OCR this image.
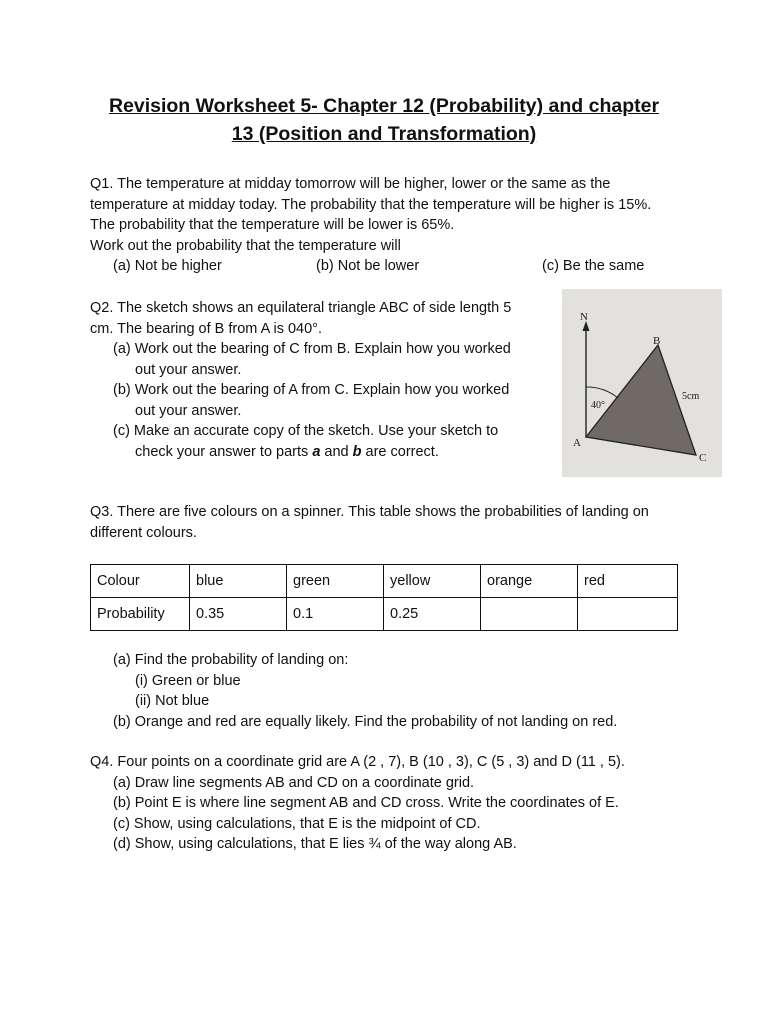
Revision Worksheet 5- Chapter 12 (Probability) and chapter
13 (Position and Transformation)

Q1. The temperature at midday tomorrow will be higher, lower or the same as the

temperature at midday today. The probability that the temperature will be higher is 15%.

The probability that the temperature will be lower is 65%.

Work out the probability that the temperature will

(a) Not be higher	(b) Not be lower	(c) Be the same

Q2. The sketch shows an equilateral triangle ABC of side length 5

cm. The bearing of B from A is 040°.

(a) Work out the bearing of C from B. Explain how you worked

out your answer.

(b) Work out the bearing of A from C. Explain how you worked

out your answer.

(c) Make an accurate copy of the sketch. Use your sketch to

check your answer to parts a and b are correct.

N
A
B
C
40°
5cm

Q3. There are five colours on a spinner. This table shows the probabilities of landing on

different colours.

Colour	blue	green	yellow	orange	red
Probability	0.35	0.1	0.25		

(a) Find the probability of landing on:

(i) Green or blue

(ii) Not blue

(b) Orange and red are equally likely. Find the probability of not landing on red.

Q4. Four points on a coordinate grid are A (2 , 7), B (10 , 3), C (5 , 3) and D (11 , 5).

(a) Draw line segments AB and CD on a coordinate grid.

(b) Point E is where line segment AB and CD cross. Write the coordinates of E.

(c) Show, using calculations, that E is the midpoint of CD.

(d) Show, using calculations, that E lies ¾ of the way along AB.
